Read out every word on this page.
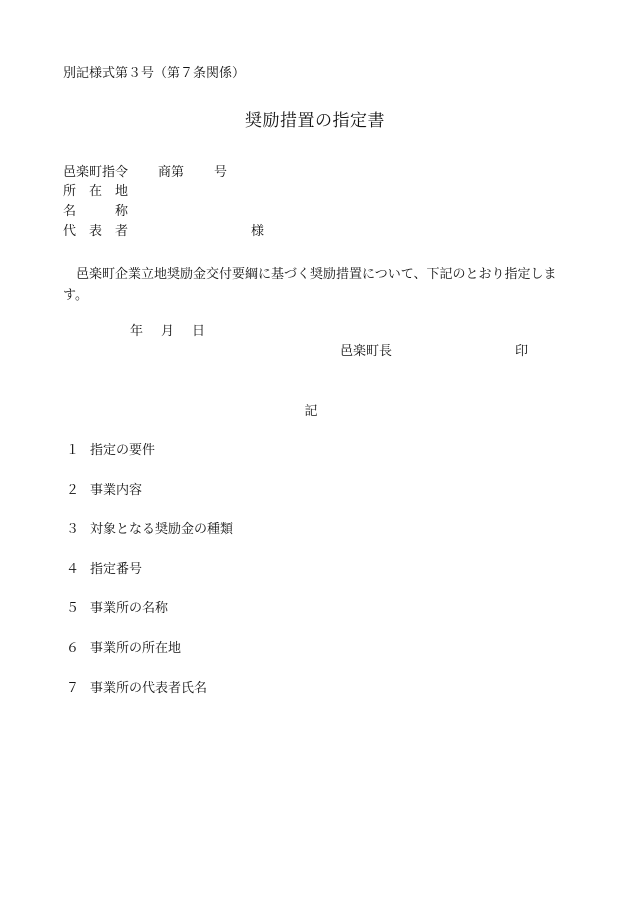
別記様式第３号（第７条関係）
奨励措置の指定書
邑楽町指令 商第 号
所　在　地
名　　　称
代　表　者	様
邑楽町企業立地奨励金交付要綱に基づく奨励措置について、下記のとおり指定します。
年 月 日
邑楽町長	印
記
１ 指定の要件
２ 事業内容
３ 対象となる奨励金の種類
４ 指定番号
５ 事業所の名称
６ 事業所の所在地
７ 事業所の代表者氏名
